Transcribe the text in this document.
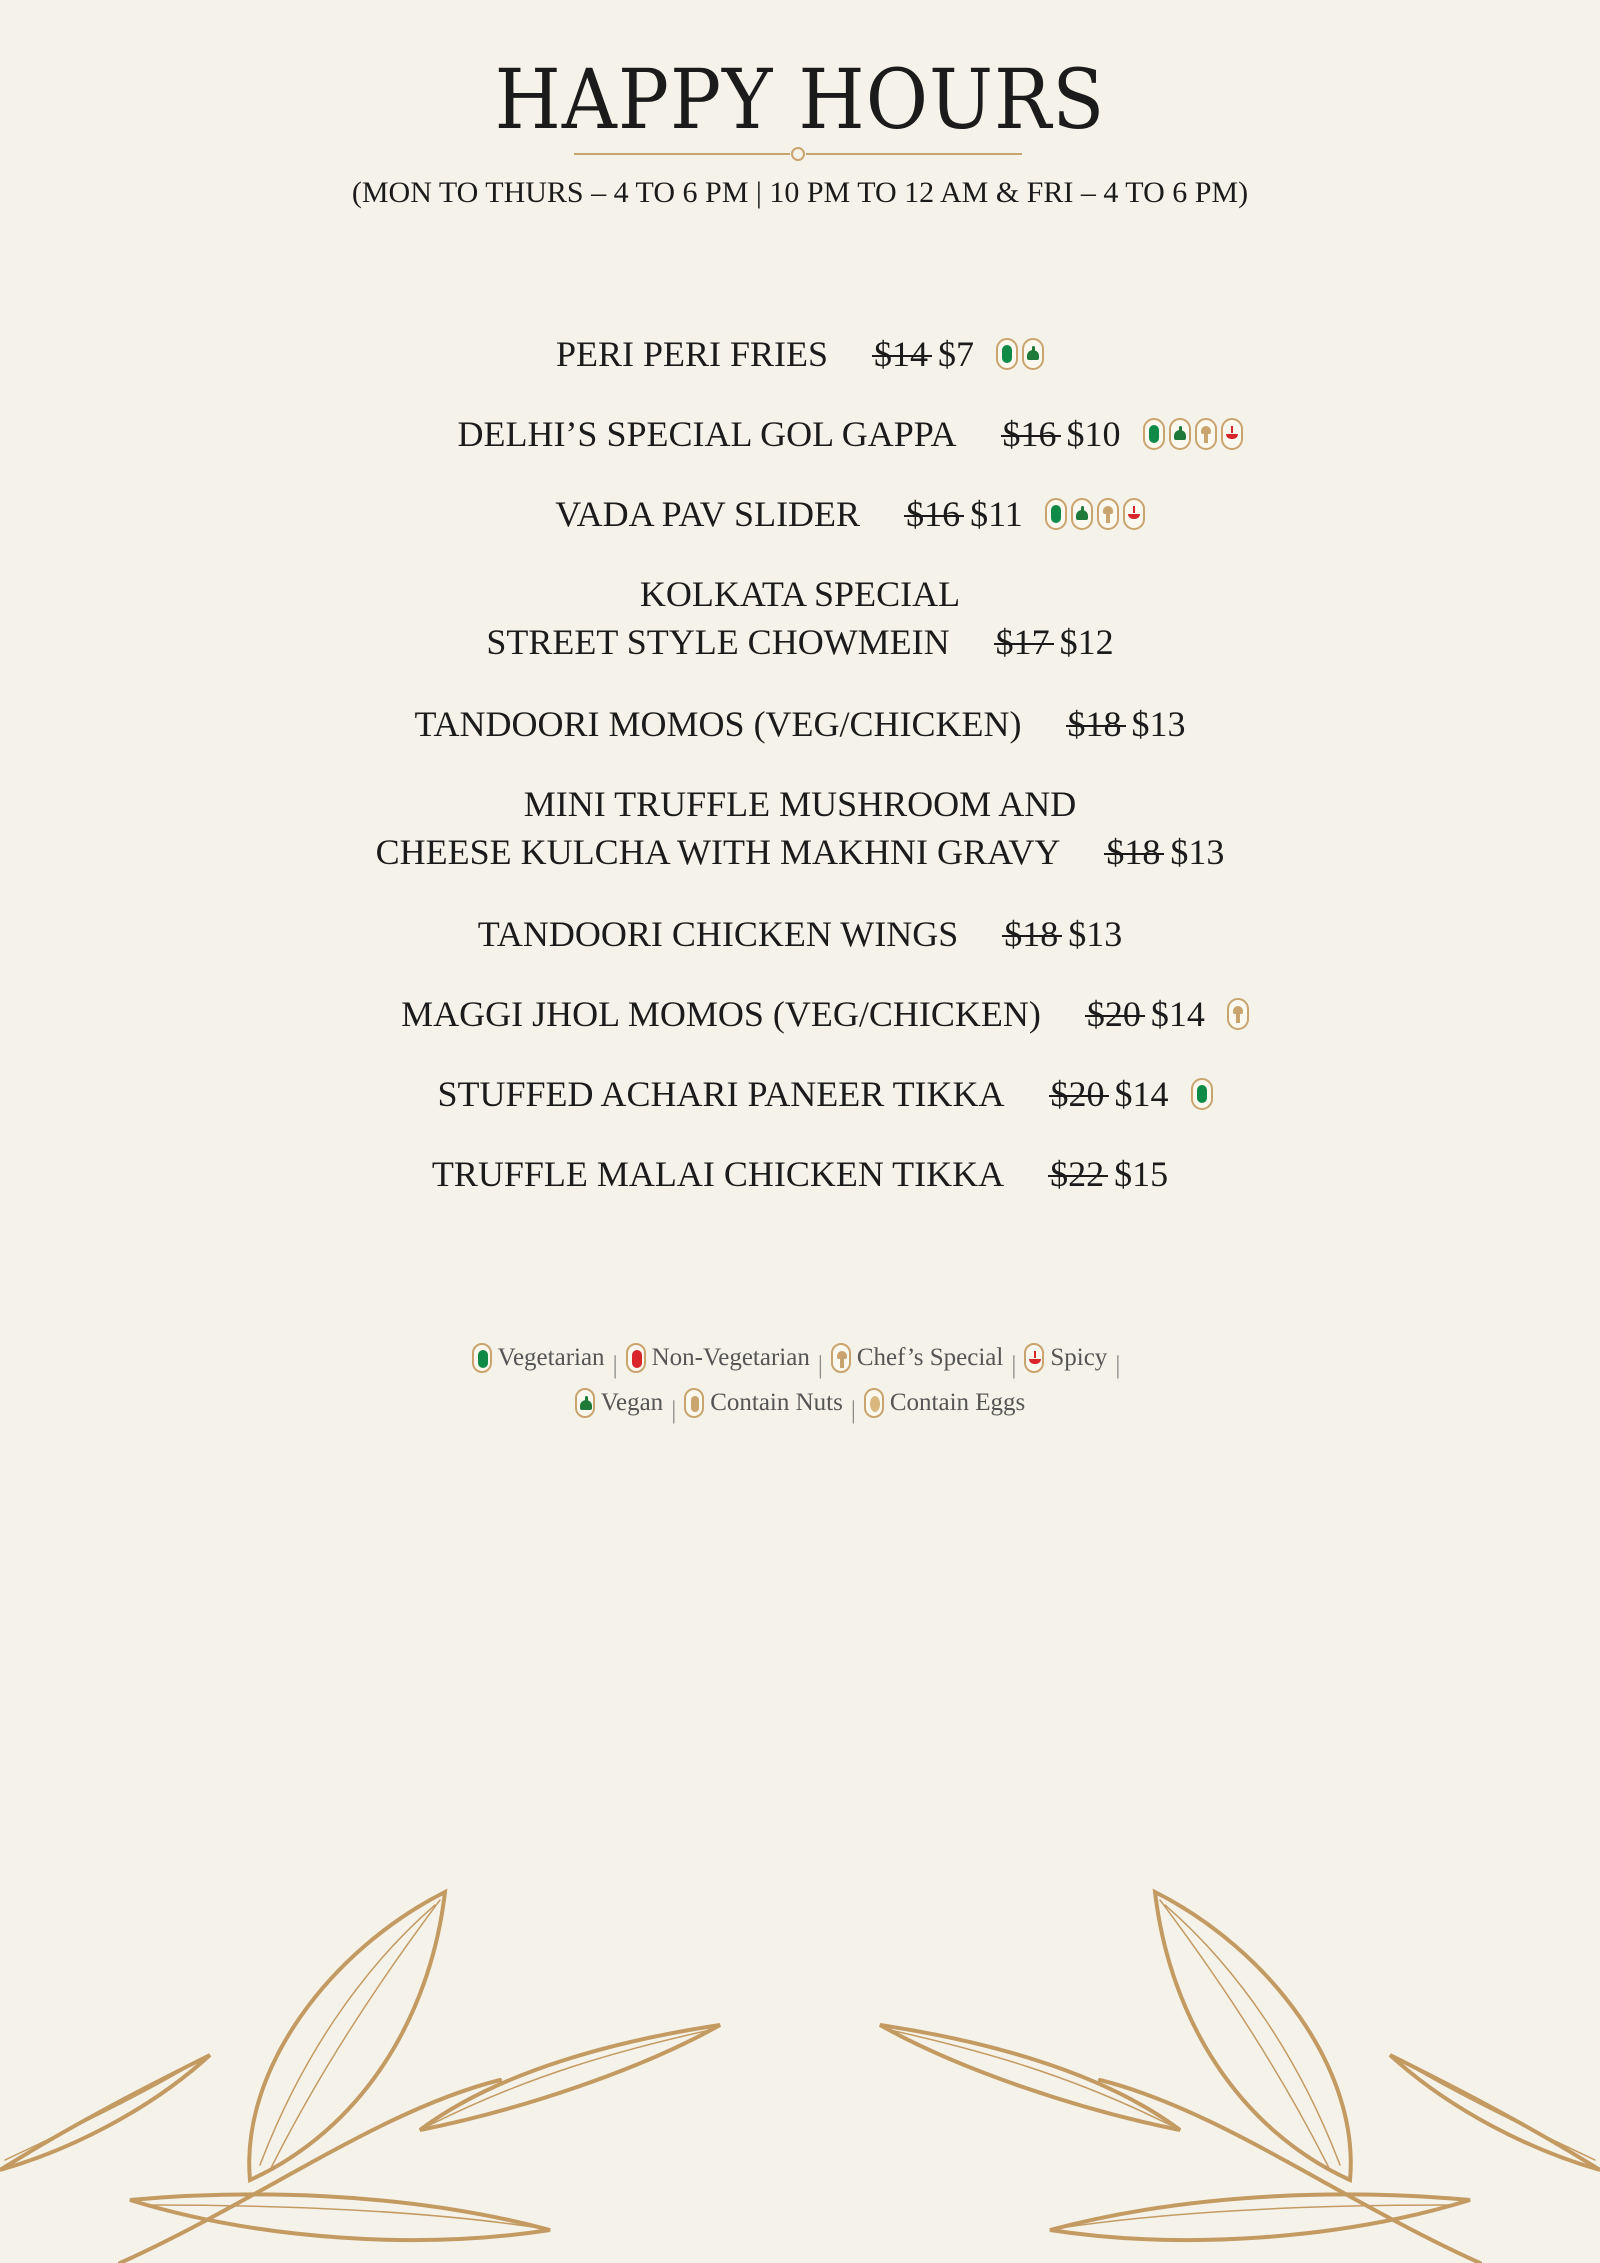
HAPPY HOURS
(MON TO THURS – 4 TO 6 PM | 10 PM TO 12 AM & FRI – 4 TO 6 PM)
PERI PERI FRIES $14 $7
DELHI’S SPECIAL GOL GAPPA $16 $10
VADA PAV SLIDER $16 $11
KOLKATA SPECIAL
STREET STYLE CHOWMEIN $17 $12
TANDOORI MOMOS (VEG/CHICKEN) $18 $13
MINI TRUFFLE MUSHROOM AND
CHEESE KULCHA WITH MAKHNI GRAVY $18 $13
TANDOORI CHICKEN WINGS $18 $13
MAGGI JHOL MOMOS (VEG/CHICKEN) $20 $14
STUFFED ACHARI PANEER TIKKA $20 $14
TRUFFLE MALAI CHICKEN TIKKA $22 $15
Vegetarian | Non-Vegetarian | Chef’s Special | Spicy |
Vegan | Contain Nuts | Contain Eggs
